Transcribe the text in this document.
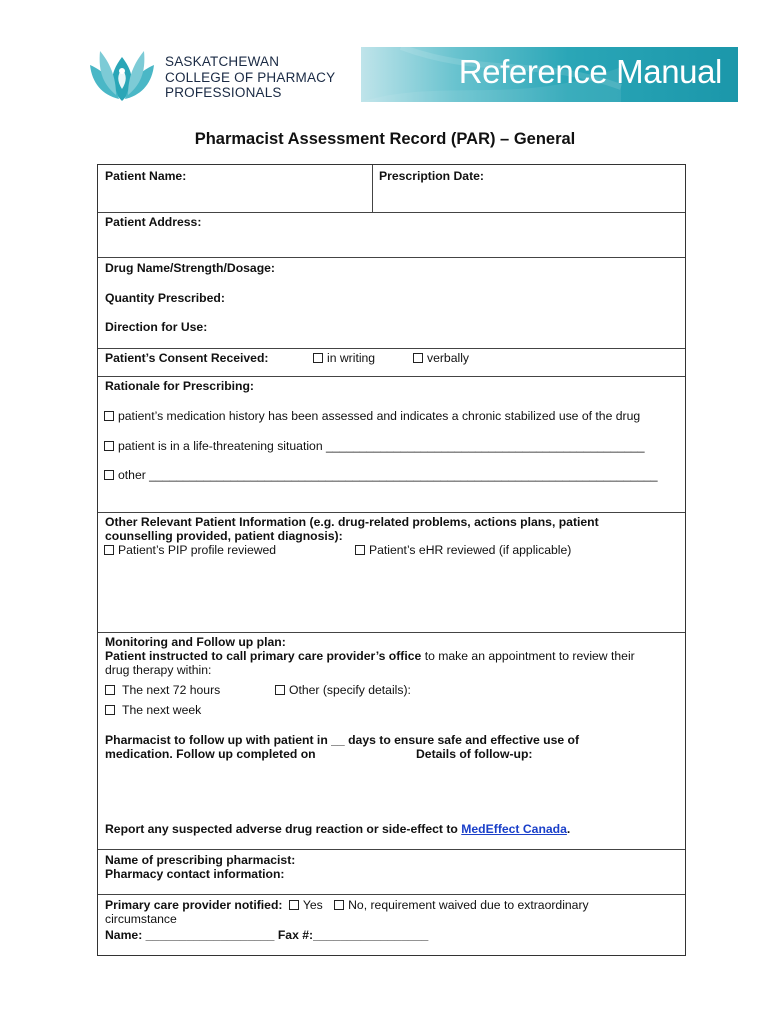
SASKATCHEWAN
COLLEGE OF PHARMACY
PROFESSIONALS
Reference Manual
Pharmacist Assessment Record (PAR) – General
Patient Name:	Prescription Date:
Patient Address:
Drug Name/Strength/Dosage:
Quantity Prescribed:
Direction for Use:
Patient’s Consent Received:	in writing	verbally
Rationale for Prescribing:
patient’s medication history has been assessed and indicates a chronic stabilized use of the drug
patient is in a life-threatening situation _______________________________________________
other ___________________________________________________________________________
Other Relevant Patient Information (e.g. drug-related problems, actions plans, patient
counselling provided, patient diagnosis):
Patient’s PIP profile reviewed	Patient’s eHR reviewed (if applicable)
Monitoring and Follow up plan:
Patient instructed to call primary care provider’s office to make an appointment to review their
drug therapy within:
The next 72 hours	Other (specify details):
The next week
Pharmacist to follow up with patient in __ days to ensure safe and effective use of
medication. Follow up completed on	Details of follow-up:
Report any suspected adverse drug reaction or side-effect to MedEffect Canada.
Name of prescribing pharmacist:
Pharmacy contact information:
Primary care provider notified: Yes No, requirement waived due to extraordinary
circumstance
Name: ___________________ Fax #:_________________
